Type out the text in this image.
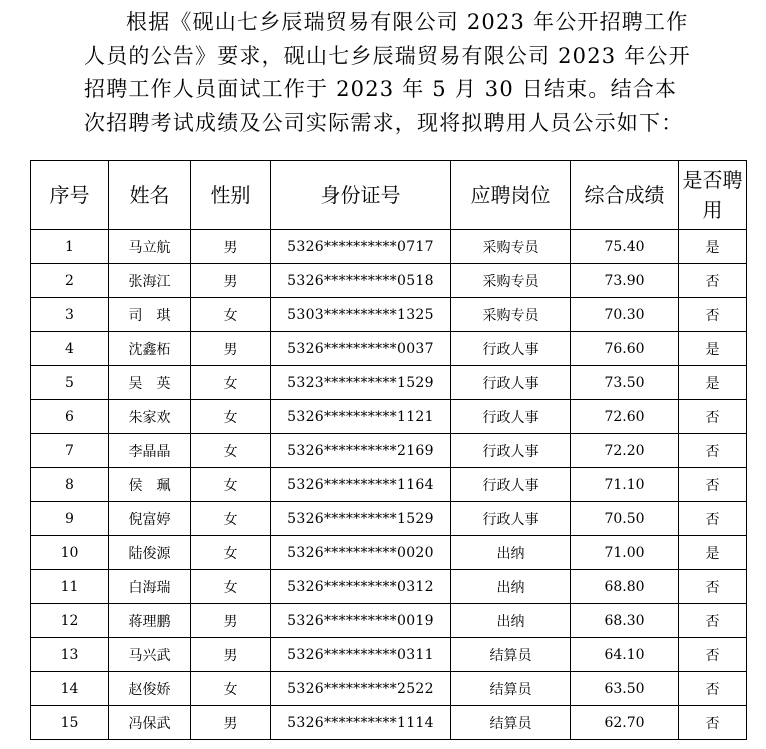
根据《砚山七乡辰瑞贸易有限公司 2023 年公开招聘工作人员的公告》要求，砚山七乡辰瑞贸易有限公司 2023 年公开招聘工作人员面试工作于 2023 年 5 月 30 日结束。结合本次招聘考试成绩及公司实际需求，现将拟聘用人员公示如下：
序号	姓名	性别	身份证号	应聘岗位	综合成绩	是否聘用
1	马立航	男	5326**********0717	采购专员	75.40	是
2	张海江	男	5326**********0518	采购专员	73.90	否
3	司　琪	女	5303**********1325	采购专员	70.30	否
4	沈鑫柘	男	5326**********0037	行政人事	76.60	是
5	吴　英	女	5323**********1529	行政人事	73.50	是
6	朱家欢	女	5326**********1121	行政人事	72.60	否
7	李晶晶	女	5326**********2169	行政人事	72.20	否
8	侯　珮	女	5326**********1164	行政人事	71.10	否
9	倪富婷	女	5326**********1529	行政人事	70.50	否
10	陆俊源	女	5326**********0020	出纳	71.00	是
11	白海瑞	女	5326**********0312	出纳	68.80	否
12	蒋理鹏	男	5326**********0019	出纳	68.30	否
13	马兴武	男	5326**********0311	结算员	64.10	否
14	赵俊娇	女	5326**********2522	结算员	63.50	否
15	冯保武	男	5326**********1114	结算员	62.70	否
